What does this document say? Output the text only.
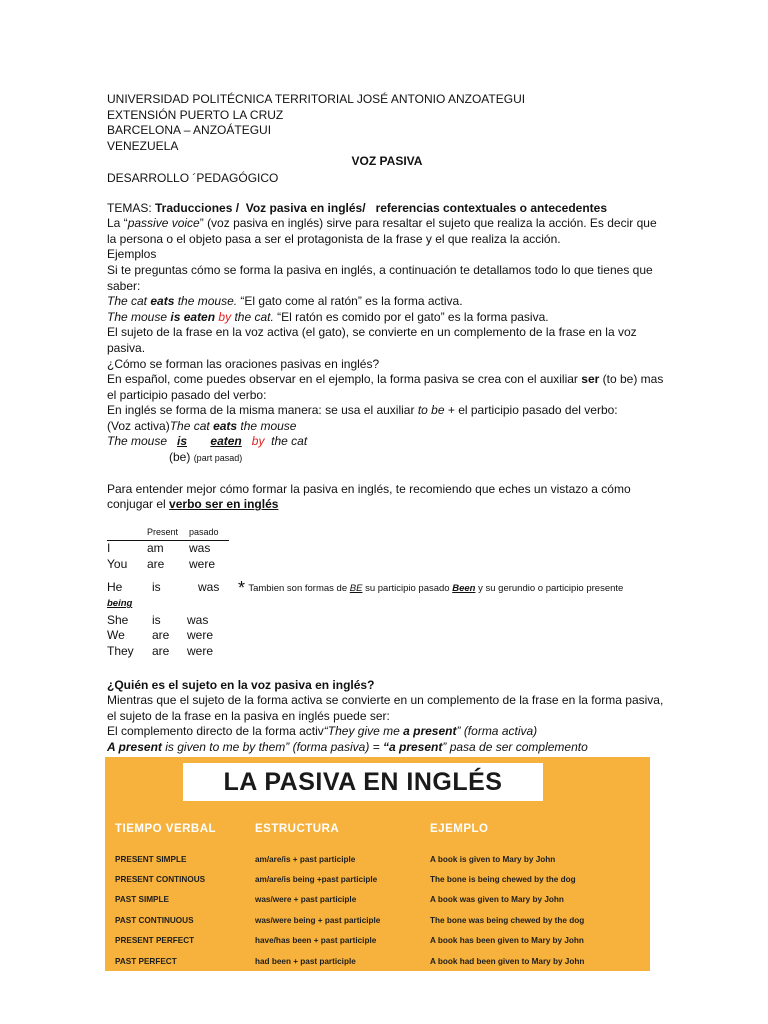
UNIVERSIDAD POLITÉCNICA TERRITORIAL JOSÉ ANTONIO ANZOATEGUI
EXTENSIÓN PUERTO LA CRUZ
BARCELONA – ANZOÁTEGUI
VENEZUELA
VOZ PASIVA
DESARROLLO ´PEDAGÓGICO
TEMAS: Traducciones /  Voz pasiva en inglés/ referencias contextuales o antecedentes
La “passive voice” (voz pasiva en inglés) sirve para resaltar el sujeto que realiza la acción. Es decir que la persona o el objeto pasa a ser el protagonista de la frase y el que realiza la acción.
Ejemplos
Si te preguntas cómo se forma la pasiva en inglés, a continuación te detallamos todo lo que tienes que saber:
The cat eats the mouse. “El gato come al ratón” es la forma activa.
The mouse is eaten by the cat. “El ratón es comido por el gato” es la forma pasiva.
El sujeto de la frase en la voz activa (el gato), se convierte en un complemento de la frase en la voz pasiva.
¿Cómo se forman las oraciones pasivas en inglés?
En español, come puedes observar en el ejemplo, la forma pasiva se crea con el auxiliar ser (to be) mas el participio pasado del verbo:
En inglés se forma de la misma manera: se usa el auxiliar to be + el participio pasado del verbo:
(Voz activa)The cat eats the mouse
The mouse is eaten by the cat
(be) (part pasad)
Para entender mejor cómo formar la pasiva en inglés, te recomiendo que eches un vistazo a cómo conjugar el verbo ser en inglés
	Present	pasado
I	am	was
You	are	were
He is	was * Tambien son formas de BE su participio pasado Been y su gerundio o participio presente
being
She	is	was
We	are	were
They	are	were
¿Quién es el sujeto en la voz pasiva en inglés?
Mientras que el sujeto de la forma activa se convierte en un complemento de la frase en la forma pasiva, el sujeto de la frase en la pasiva en inglés puede ser:
El complemento directo de la forma activ“They give me a present” (forma activa)
A present is given to me by them” (forma pasiva) = “a present” pasa de ser complemento
LA PASIVA EN INGLÉS
TIEMPO VERBAL	ESTRUCTURA	EJEMPLO
PRESENT SIMPLE	am/are/is + past participle	A book is given to Mary by John
PRESENT CONTINOUS	am/are/is being +past participle	The bone is being chewed by the dog
PAST SIMPLE	was/were + past participle	A book was given to Mary by John
PAST CONTINUOUS	was/were being + past participle	The bone was being chewed by the dog
PRESENT PERFECT	have/has been + past participle	A book has been given to Mary by John
PAST PERFECT	had been + past participle	A book had been given to Mary by John
